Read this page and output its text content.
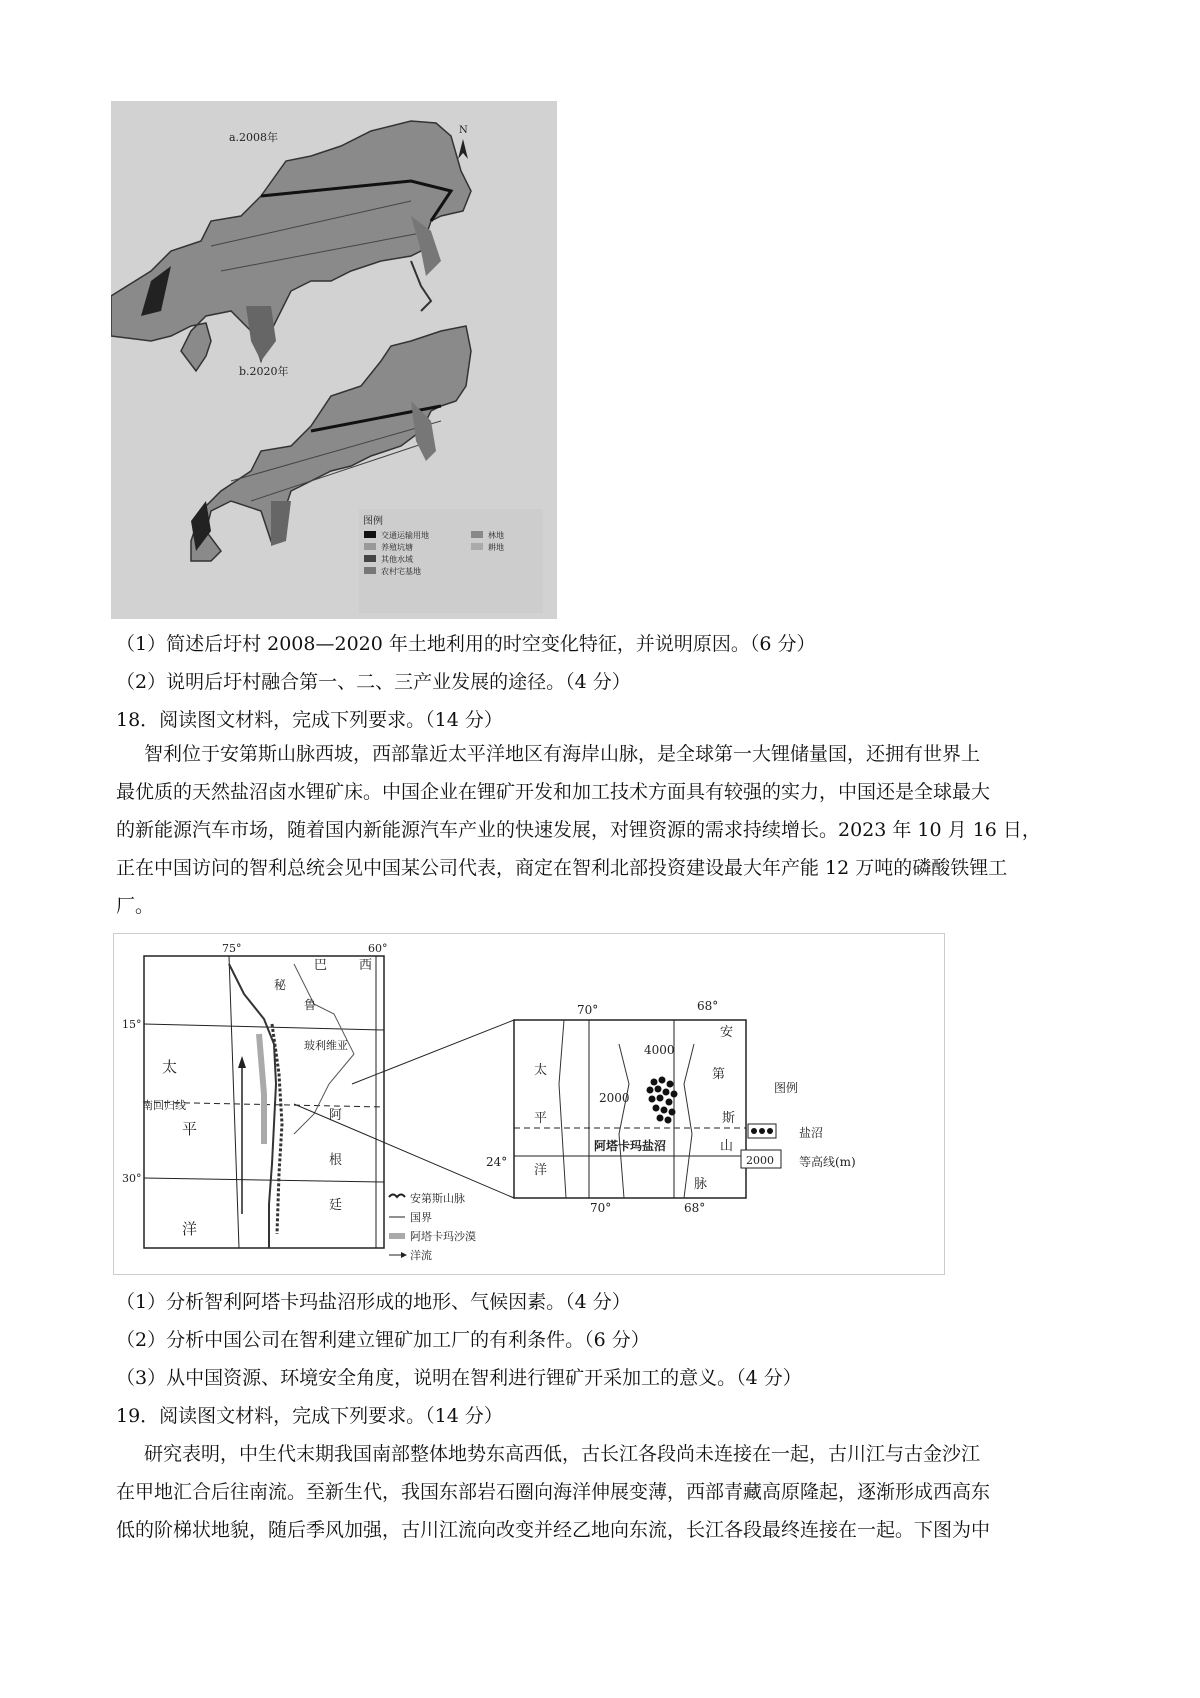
a.2008年
N
b.2020年
图例
交通运输用地
养殖坑塘
其他水域
农村宅基地
林地
耕地
（1）简述后圩村 2008—2020 年土地利用的时空变化特征，并说明原因。（6 分）
（2）说明后圩村融合第一、二、三产业发展的途径。（4 分）
18．阅读图文材料，完成下列要求。（14 分）
智利位于安第斯山脉西坡，西部靠近太平洋地区有海岸山脉，是全球第一大锂储量国，还拥有世界上
最优质的天然盐沼卤水锂矿床。中国企业在锂矿开发和加工技术方面具有较强的实力，中国还是全球最大
的新能源汽车市场，随着国内新能源汽车产业的快速发展，对锂资源的需求持续增长。2023 年 10 月 16 日，
正在中国访问的智利总统会见中国某公司代表，商定在智利北部投资建设最大年产能 12 万吨的磷酸铁锂工
厂。
75°	60°
15°
30°
太
平
洋
南回归线
巴 西
秘
鲁
玻利维亚
阿
根
廷	安第斯山脉
国界
阿塔卡玛沙漠
洋流
70°	68°
70°	68°
24°
太
平
洋
安
第
斯
山
脉
4000
2000
阿塔卡玛盐沼
图例
盐沼
2000 等高线(m)
（1）分析智利阿塔卡玛盐沼形成的地形、气候因素。（4 分）
（2）分析中国公司在智利建立锂矿加工厂的有利条件。（6 分）
（3）从中国资源、环境安全角度，说明在智利进行锂矿开采加工的意义。（4 分）
19．阅读图文材料，完成下列要求。（14 分）
研究表明，中生代末期我国南部整体地势东高西低，古长江各段尚未连接在一起，古川江与古金沙江
在甲地汇合后往南流。至新生代，我国东部岩石圈向海洋伸展变薄，西部青藏高原隆起，逐渐形成西高东
低的阶梯状地貌，随后季风加强，古川江流向改变并经乙地向东流，长江各段最终连接在一起。下图为中
